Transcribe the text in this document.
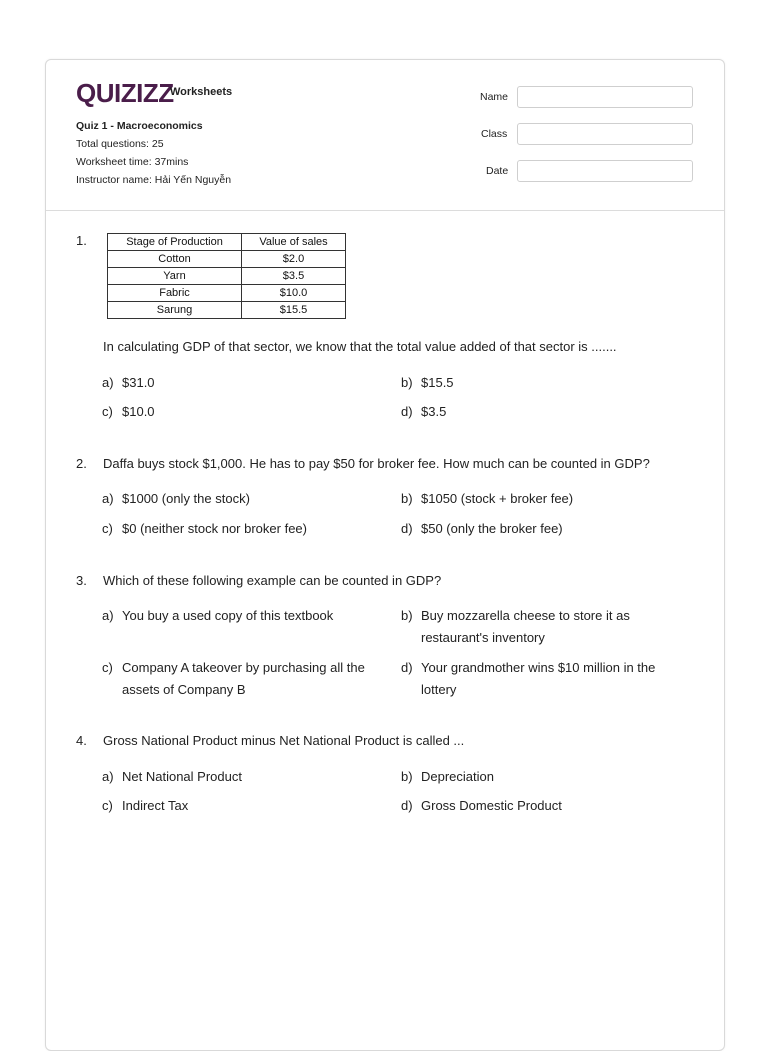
QUIZIZZ
Worksheets
Quiz 1 - Macroeconomics
Total questions: 25
Worksheet time: 37mins
Instructor name: Hải Yến Nguyễn
Name
Class
Date
1.	Stage of Production	Value of sales
Cotton	$2.0
Yarn	$3.5
Fabric	$10.0
Sarung	$15.5
In calculating GDP of that sector, we know that the total value added of that sector is .......
a) $31.0	b) $15.5
c) $10.0	d) $3.5
2. Daffa buys stock $1,000. He has to pay $50 for broker fee. How much can be counted in GDP?
a) $1000 (only the stock)	b) $1050 (stock + broker fee)
c) $0 (neither stock nor broker fee)	d) $50 (only the broker fee)
3. Which of these following example can be counted in GDP?
a) You buy a used copy of this textbook	b) Buy mozzarella cheese to store it as restaurant's inventory
c) Company A takeover by purchasing all the assets of Company B
d) Your grandmother wins $10 million in the lottery
4. Gross National Product minus Net National Product is called ...
a) Net National Product	b) Depreciation
c) Indirect Tax	d) Gross Domestic Product
